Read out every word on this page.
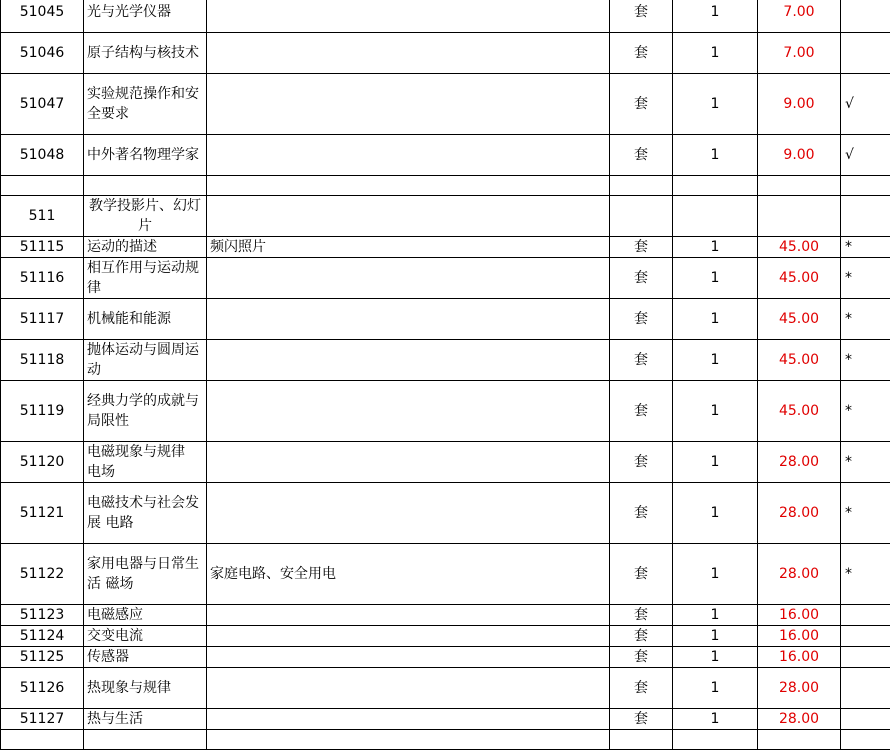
51045	光与光学仪器		套	1	7.00	
51046	原子结构与核技术		套	1	7.00	
51047	实验规范操作和安全要求		套	1	9.00	√
51048	中外著名物理学家		套	1	9.00	√

511	教学投影片、幻灯片					
51115	运动的描述	频闪照片	套	1	45.00	*
51116	相互作用与运动规律		套	1	45.00	*
51117	机械能和能源		套	1	45.00	*
51118	抛体运动与圆周运动		套	1	45.00	*
51119	经典力学的成就与局限性		套	1	45.00	*
51120	电磁现象与规律 电场		套	1	28.00	*
51121	电磁技术与社会发展 电路		套	1	28.00	*
51122	家用电器与日常生活 磁场	家庭电路、安全用电	套	1	28.00	*
51123	电磁感应		套	1	16.00	
51124	交变电流		套	1	16.00	
51125	传感器		套	1	16.00	
51126	热现象与规律		套	1	28.00	
51127	热与生活		套	1	28.00	
